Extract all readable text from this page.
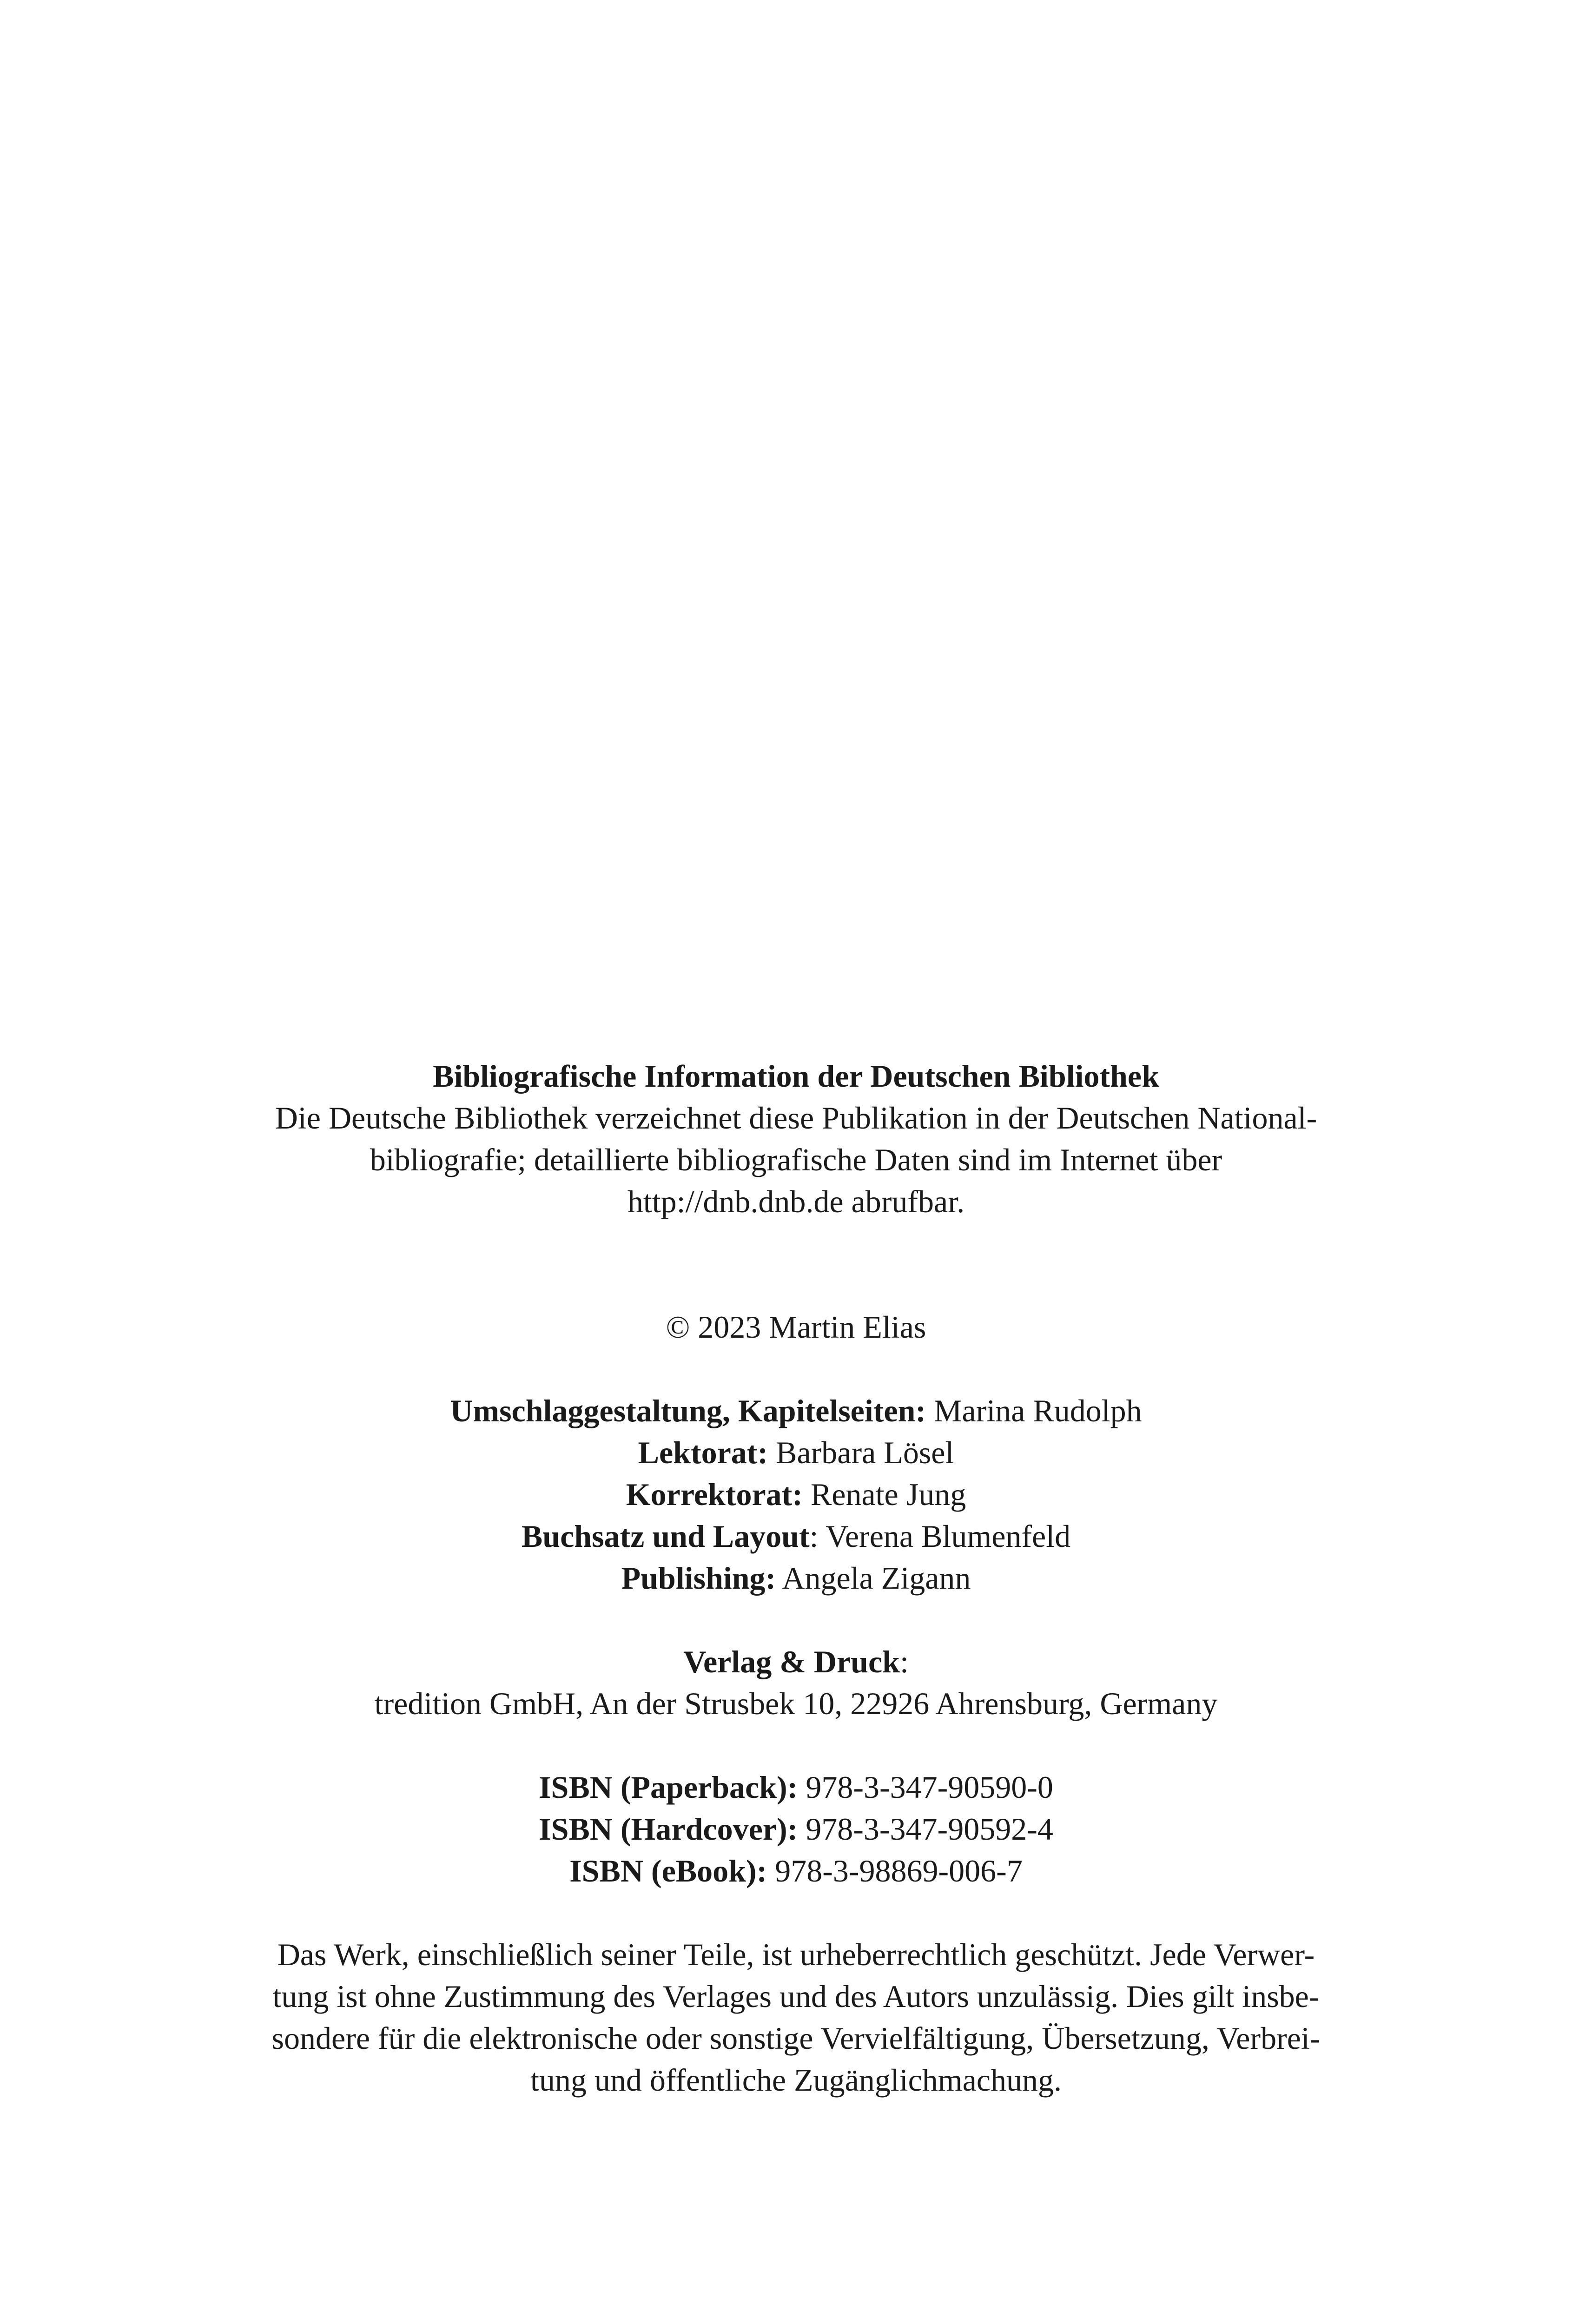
Bibliografische Information der Deutschen Bibliothek
Die Deutsche Bibliothek verzeichnet diese Publikation in der Deutschen National-
bibliografie; detaillierte bibliografische Daten sind im Internet über
http://dnb.dnb.de abrufbar.
© 2023 Martin Elias
Umschlaggestaltung, Kapitelseiten: Marina Rudolph
Lektorat: Barbara Lösel
Korrektorat: Renate Jung
Buchsatz und Layout: Verena Blumenfeld
Publishing: Angela Zigann
Verlag & Druck:
tredition GmbH, An der Strusbek 10, 22926 Ahrensburg, Germany
ISBN (Paperback): 978-3-347-90590-0
ISBN (Hardcover): 978-3-347-90592-4
ISBN (eBook): 978-3-98869-006-7
Das Werk, einschließlich seiner Teile, ist urheberrechtlich geschützt. Jede Verwer-
tung ist ohne Zustimmung des Verlages und des Autors unzulässig. Dies gilt insbe-
sondere für die elektronische oder sonstige Vervielfältigung, Übersetzung, Verbrei-
tung und öffentliche Zugänglichmachung.
